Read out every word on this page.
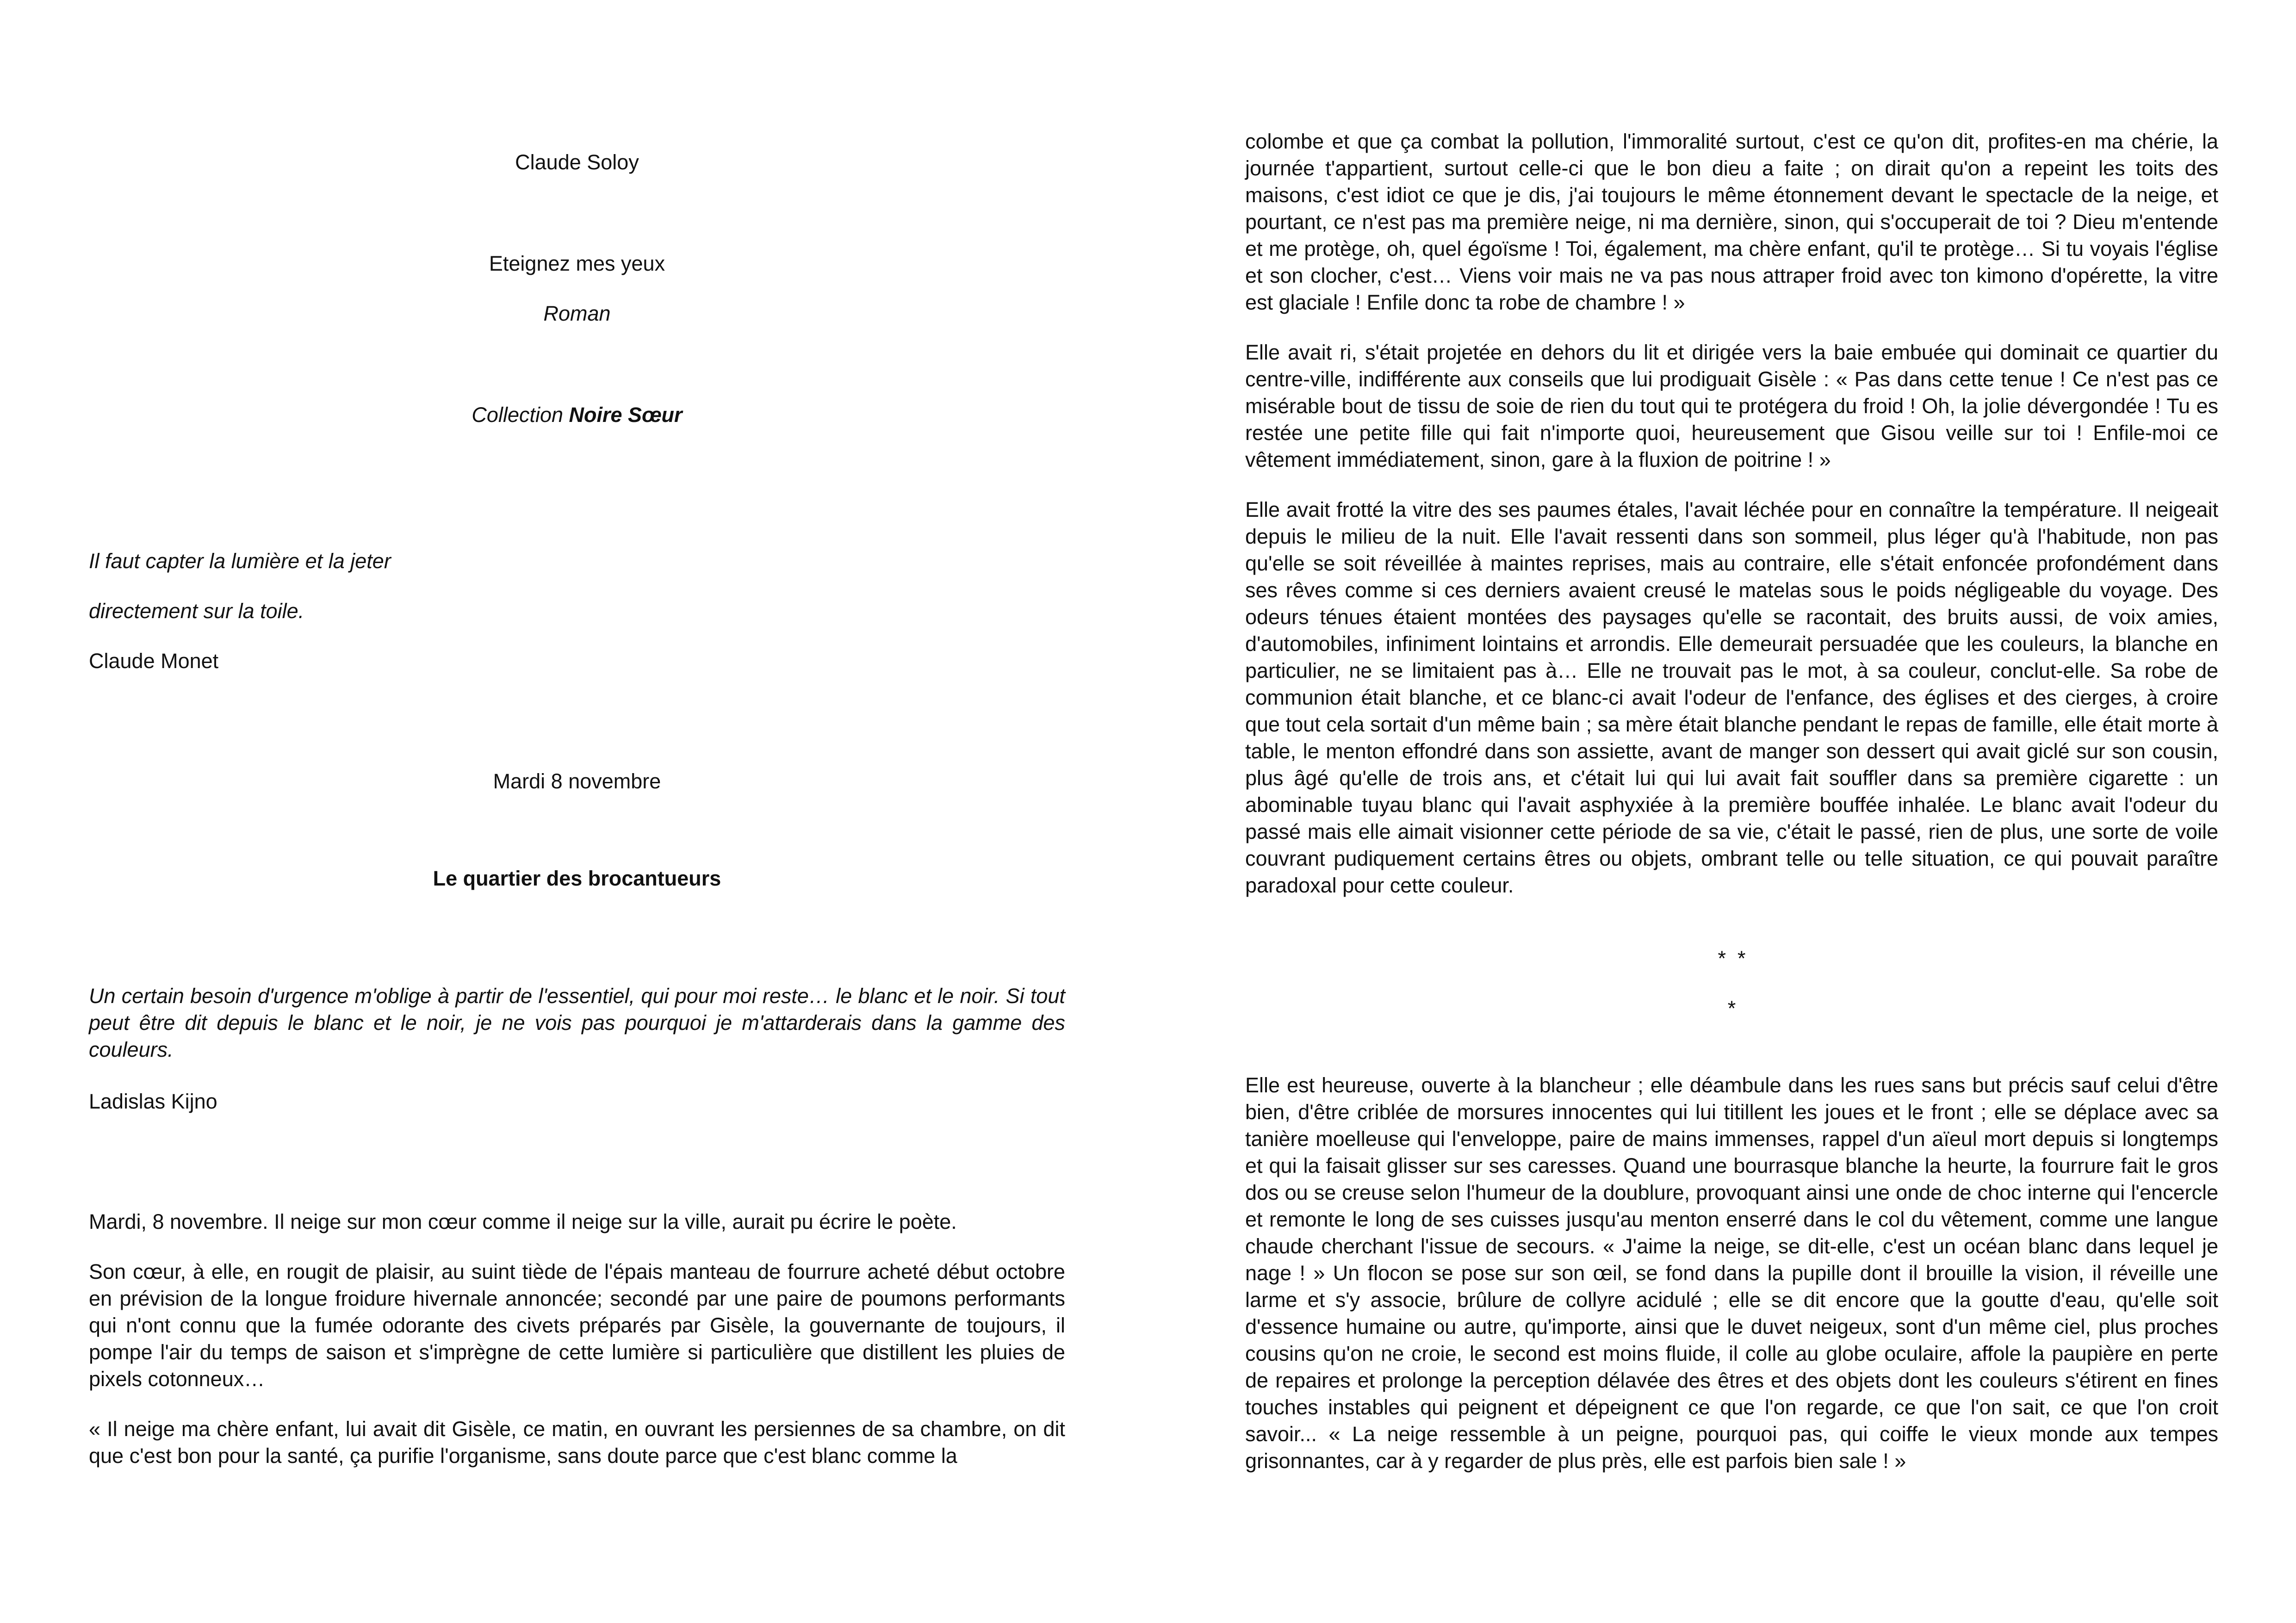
Claude Soloy

Eteignez mes yeux

Roman

Collection Noire Sœur

Il faut capter la lumière et la jeter

directement sur la toile.

Claude Monet

Mardi 8 novembre

Le quartier des brocantueurs

Un certain besoin d'urgence m'oblige à partir de l'essentiel, qui pour moi reste… le blanc et le noir. Si tout peut être dit depuis le blanc et le noir, je ne vois pas pourquoi je m'attarderais dans la gamme des couleurs.

Ladislas Kijno

Mardi, 8 novembre. Il neige sur mon cœur comme il neige sur la ville, aurait pu écrire le poète.

Son cœur, à elle, en rougit de plaisir, au suint tiède de l'épais manteau de fourrure acheté début octobre en prévision de la longue froidure hivernale annoncée; secondé par une paire de poumons performants qui n'ont connu que la fumée odorante des civets préparés par Gisèle, la gouvernante de toujours, il pompe l'air du temps de saison et s'imprègne de cette lumière si particulière que distillent les pluies de pixels cotonneux…

« Il neige ma chère enfant, lui avait dit Gisèle, ce matin, en ouvrant les persiennes de sa chambre, on dit que c'est bon pour la santé, ça purifie l'organisme, sans doute parce que c'est blanc comme la

colombe et que ça combat la pollution, l'immoralité surtout, c'est ce qu'on dit, profites-en ma chérie, la journée t'appartient, surtout celle-ci que le bon dieu a faite ; on dirait qu'on a repeint les toits des maisons, c'est idiot ce que je dis, j'ai toujours le même étonnement devant le spectacle de la neige, et pourtant, ce n'est pas ma première neige, ni ma dernière, sinon, qui s'occuperait de toi ? Dieu m'entende et me protège, oh, quel égoïsme ! Toi, également, ma chère enfant, qu'il te protège… Si tu voyais l'église et son clocher, c'est… Viens voir mais ne va pas nous attraper froid avec ton kimono d'opérette, la vitre est glaciale ! Enfile donc ta robe de chambre ! »

Elle avait ri, s'était projetée en dehors du lit et dirigée vers la baie embuée qui dominait ce quartier du centre-ville, indifférente aux conseils que lui prodiguait Gisèle : « Pas dans cette tenue ! Ce n'est pas ce misérable bout de tissu de soie de rien du tout qui te protégera du froid ! Oh, la jolie dévergondée ! Tu es restée une petite fille qui fait n'importe quoi, heureusement que Gisou veille sur toi ! Enfile-moi ce vêtement immédiatement, sinon, gare à la fluxion de poitrine ! »

Elle avait frotté la vitre des ses paumes étales, l'avait léchée pour en connaître la température. Il neigeait depuis le milieu de la nuit. Elle l'avait ressenti dans son sommeil, plus léger qu'à l'habitude, non pas qu'elle se soit réveillée à maintes reprises, mais au contraire, elle s'était enfoncée profondément dans ses rêves comme si ces derniers avaient creusé le matelas sous le poids négligeable du voyage. Des odeurs ténues étaient montées des paysages qu'elle se racontait, des bruits aussi, de voix amies, d'automobiles, infiniment lointains et arrondis. Elle demeurait persuadée que les couleurs, la blanche en particulier, ne se limitaient pas à… Elle ne trouvait pas le mot, à sa couleur, conclut-elle. Sa robe de communion était blanche, et ce blanc-ci avait l'odeur de l'enfance, des églises et des cierges, à croire que tout cela sortait d'un même bain ; sa mère était blanche pendant le repas de famille, elle était morte à table, le menton effondré dans son assiette, avant de manger son dessert qui avait giclé sur son cousin, plus âgé qu'elle de trois ans, et c'était lui qui lui avait fait souffler dans sa première cigarette : un abominable tuyau blanc qui l'avait asphyxiée à la première bouffée inhalée. Le blanc avait l'odeur du passé mais elle aimait visionner cette période de sa vie, c'était le passé, rien de plus, une sorte de voile couvrant pudiquement certains êtres ou objets, ombrant telle ou telle situation, ce qui pouvait paraître paradoxal pour cette couleur.

*  *

*

Elle est heureuse, ouverte à la blancheur ; elle déambule dans les rues sans but précis sauf celui d'être bien, d'être criblée de morsures innocentes qui lui titillent les joues et le front ; elle se déplace avec sa tanière moelleuse qui l'enveloppe, paire de mains immenses, rappel d'un aïeul mort depuis si longtemps et qui la faisait glisser sur ses caresses. Quand une bourrasque blanche la heurte, la fourrure fait le gros dos ou se creuse selon l'humeur de la doublure, provoquant ainsi une onde de choc interne qui l'encercle et remonte le long de ses cuisses jusqu'au menton enserré dans le col du vêtement, comme une langue chaude cherchant l'issue de secours. « J'aime la neige, se dit-elle, c'est un océan blanc dans lequel je nage ! » Un flocon se pose sur son œil, se fond dans la pupille dont il brouille la vision, il réveille une larme et s'y associe, brûlure de collyre acidulé ; elle se dit encore que la goutte d'eau, qu'elle soit d'essence humaine ou autre, qu'importe, ainsi que le duvet neigeux, sont d'un même ciel, plus proches cousins qu'on ne croie, le second est moins fluide, il colle au globe oculaire, affole la paupière en perte de repaires et prolonge la perception délavée des êtres et des objets dont les couleurs s'étirent en fines touches instables qui peignent et dépeignent ce que l'on regarde, ce que l'on sait, ce que l'on croit savoir... « La neige ressemble à un peigne, pourquoi pas, qui coiffe le vieux monde aux tempes grisonnantes, car à y regarder de plus près, elle est parfois bien sale ! »
